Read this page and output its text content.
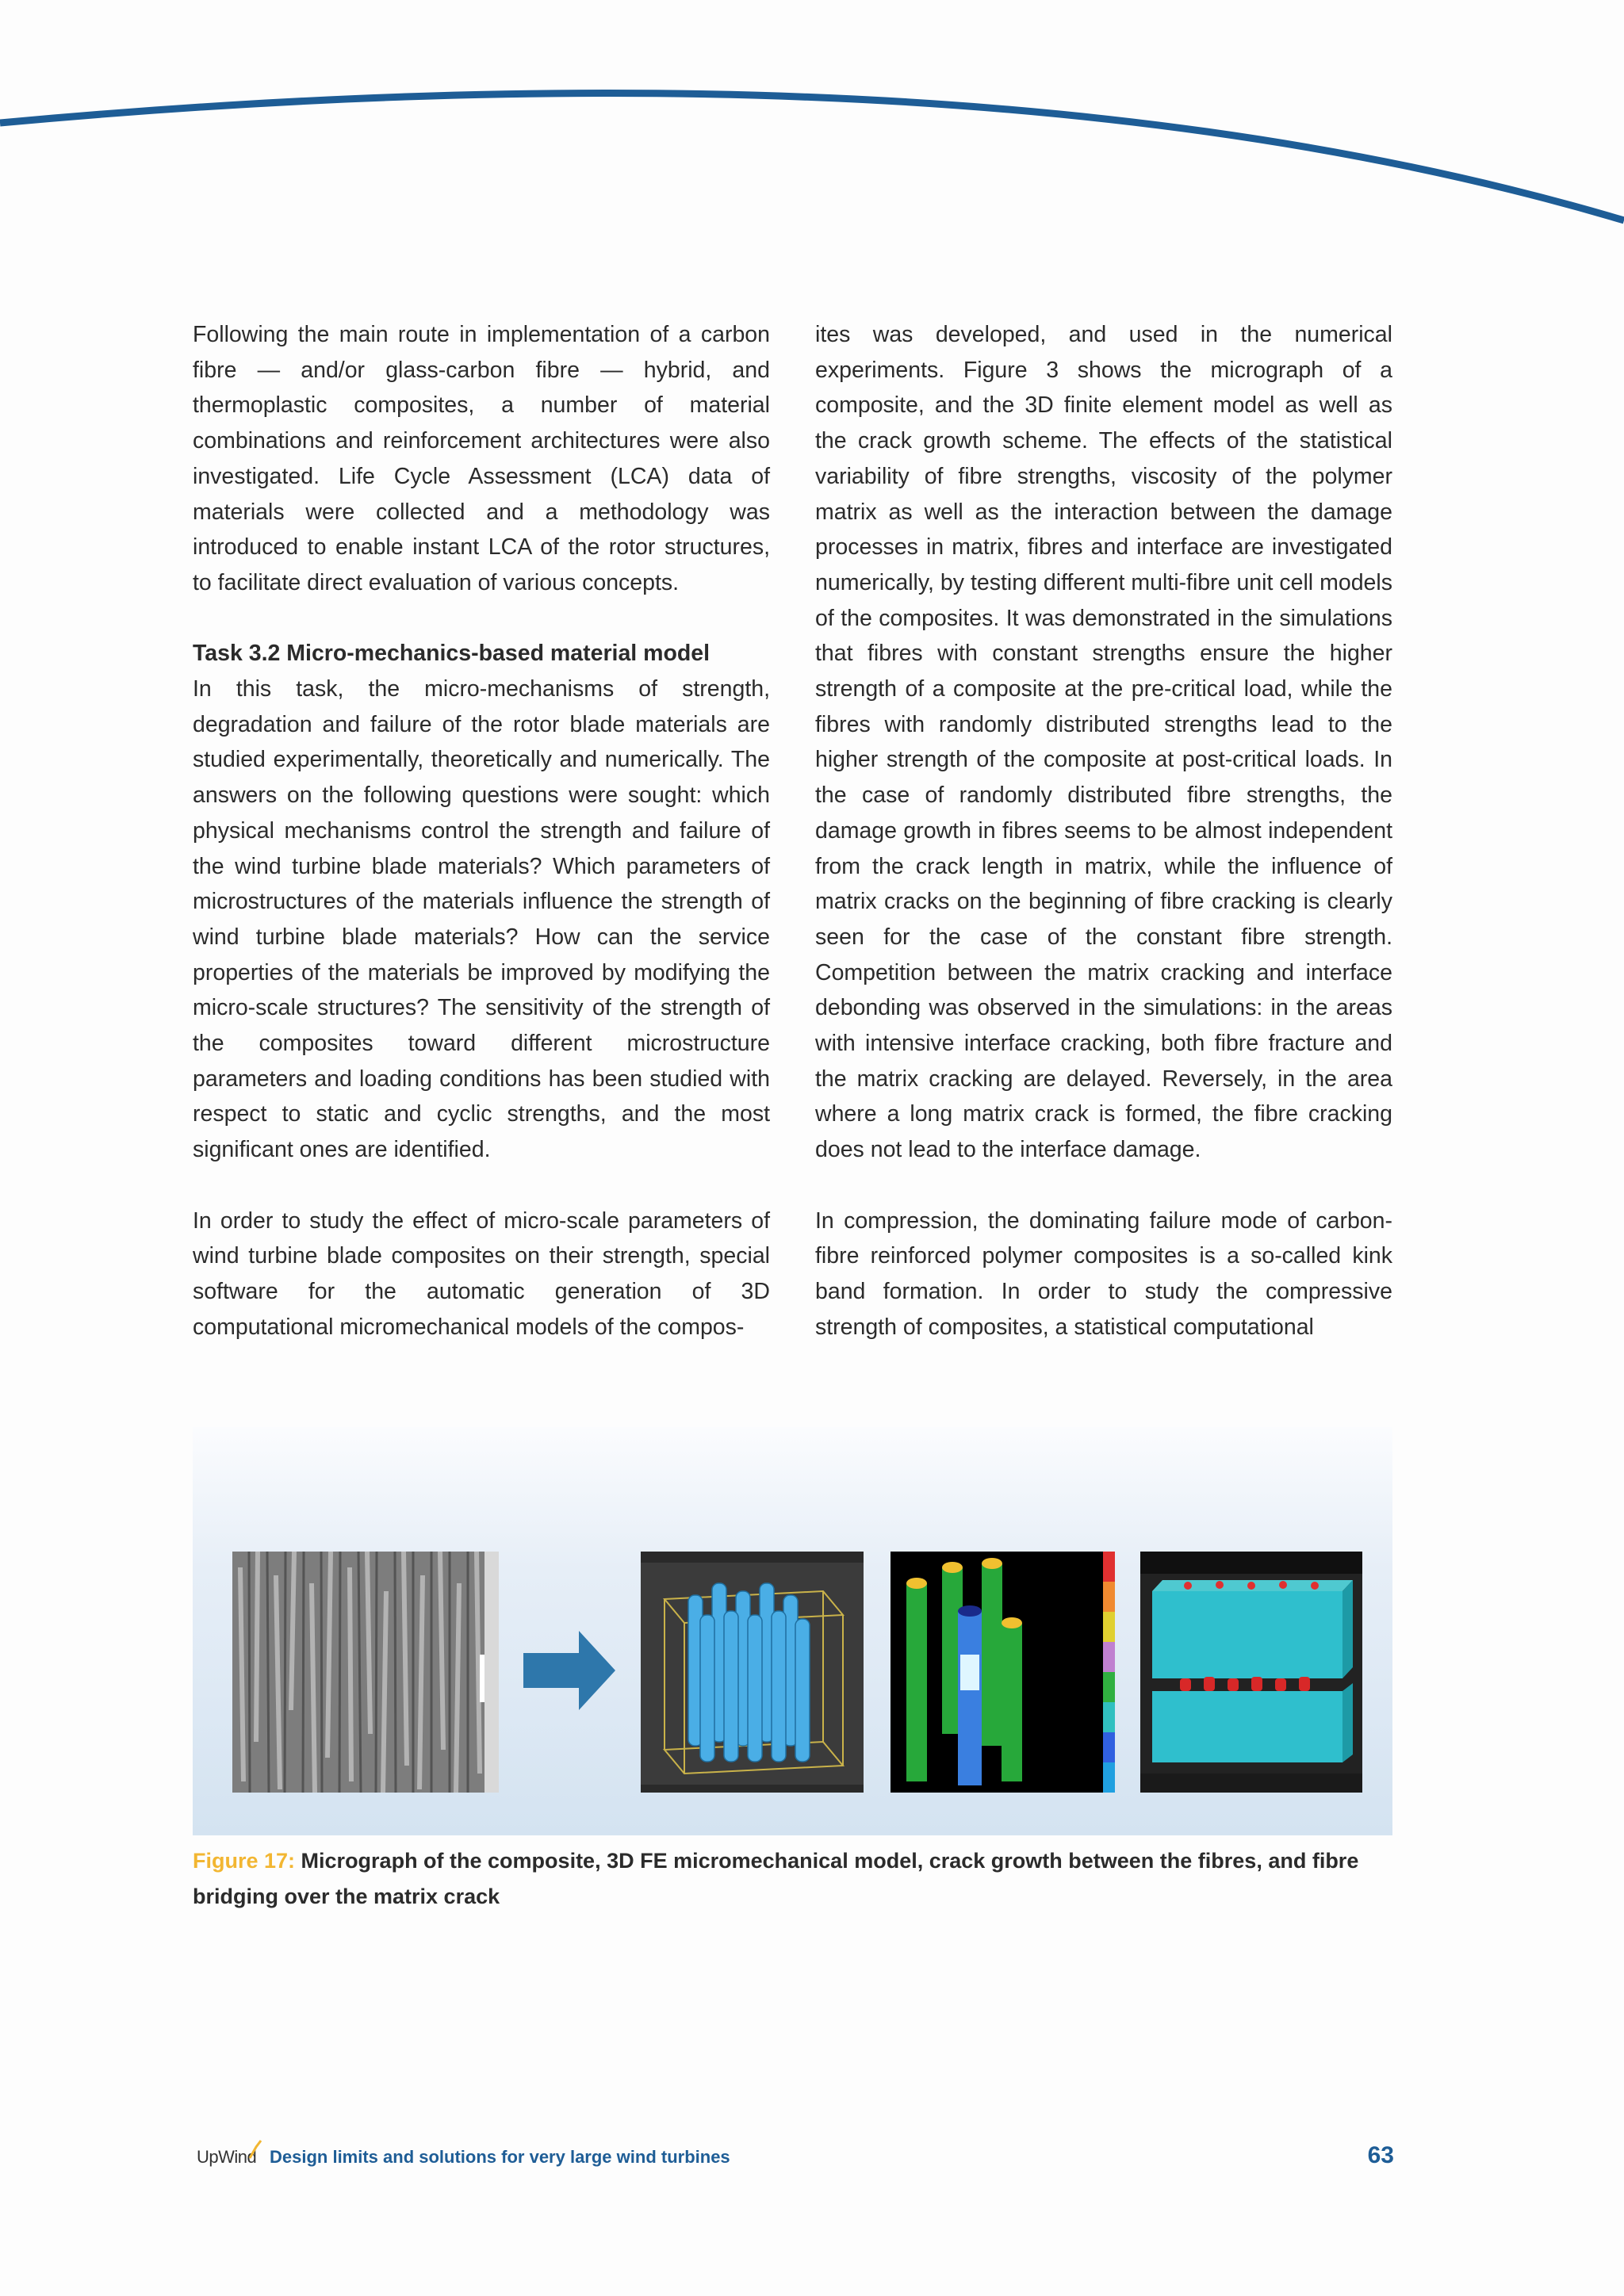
Following the main route in implementation of a carbon fibre — and/or glass-carbon fibre — hybrid, and thermoplastic composites, a number of material combinations and reinforcement architectures were also investigated. Life Cycle Assessment (LCA) data of materials were collected and a methodology was introduced to enable instant LCA of the rotor structures, to facilitate direct evaluation of various concepts.

Task 3.2 Micro-mechanics-based material model

In this task, the micro-mechanisms of strength, degradation and failure of the rotor blade materials are studied experimentally, theoretically and numerically. The answers on the following questions were sought: which physical mechanisms control the strength and failure of the wind turbine blade materials? Which parameters of microstructures of the materials influence the strength of wind turbine blade materials? How can the service properties of the materials be improved by modifying the micro-scale structures? The sensitivity of the strength of the composites toward different microstructure parameters and loading conditions has been studied with respect to static and cyclic strengths, and the most significant ones are identified.

In order to study the effect of micro-scale parameters of wind turbine blade composites on their strength, special software for the automatic generation of 3D computational micromechanical models of the compos-

ites was developed, and used in the numerical experiments. Figure 3 shows the micrograph of a composite, and the 3D finite element model as well as the crack growth scheme. The effects of the statistical variability of fibre strengths, viscosity of the polymer matrix as well as the interaction between the damage processes in matrix, fibres and interface are investigated numerically, by testing different multi-fibre unit cell models of the composites. It was demonstrated in the simulations that fibres with constant strengths ensure the higher strength of a composite at the pre-critical load, while the fibres with randomly distributed strengths lead to the higher strength of the composite at post-critical loads. In the case of randomly distributed fibre strengths, the damage growth in fibres seems to be almost independent from the crack length in matrix, while the influence of matrix cracks on the beginning of fibre cracking is clearly seen for the case of the constant fibre strength. Competition between the matrix cracking and interface debonding was observed in the simulations: in the areas with intensive interface cracking, both fibre fracture and the matrix cracking are delayed. Reversely, in the area where a long matrix crack is formed, the fibre cracking does not lead to the interface damage.

In compression, the dominating failure mode of carbon-fibre reinforced polymer composites is a so-called kink band formation. In order to study the compressive strength of composites, a statistical computational

Figure 17: Micrograph of the composite, 3D FE micromechanical model, crack growth between the fibres, and fibre bridging over the matrix crack
UpWind Design limits and solutions for very large wind turbines	63
